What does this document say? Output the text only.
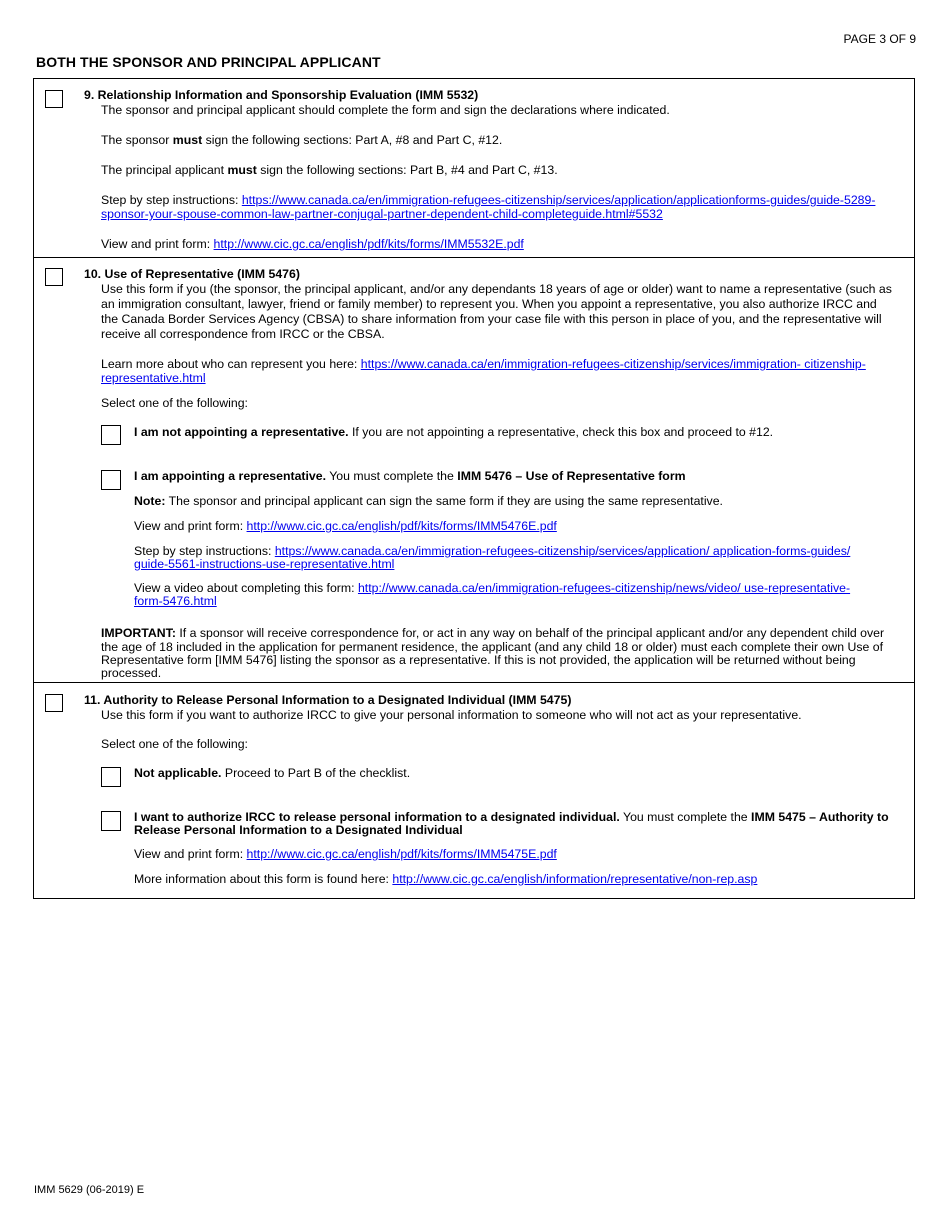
PAGE 3 OF 9
BOTH THE SPONSOR AND PRINCIPAL APPLICANT
9. Relationship Information and Sponsorship Evaluation (IMM 5532)
The sponsor and principal applicant should complete the form and sign the declarations where indicated.
The sponsor must sign the following sections: Part A, #8 and Part C, #12.
The principal applicant must sign the following sections: Part B, #4 and Part C, #13.
Step by step instructions: https://www.canada.ca/en/immigration-refugees-citizenship/services/application/applicationforms-guides/guide-5289-
sponsor-your-spouse-common-law-partner-conjugal-partner-dependent-child-completeguide.html#5532
View and print form: http://www.cic.gc.ca/english/pdf/kits/forms/IMM5532E.pdf
10. Use of Representative (IMM 5476)
Use this form if you (the sponsor, the principal applicant, and/or any dependants 18 years of age or older) want to name a representative (such as
an immigration consultant, lawyer, friend or family member) to represent you. When you appoint a representative, you also authorize IRCC and
the Canada Border Services Agency (CBSA) to share information from your case file with this person in place of you, and the representative will
receive all correspondence from IRCC or the CBSA.
Learn more about who can represent you here: https://www.canada.ca/en/immigration-refugees-citizenship/services/immigration- citizenship-
representative.html
Select one of the following:
I am not appointing a representative. If you are not appointing a representative, check this box and proceed to #12.
I am appointing a representative. You must complete the IMM 5476 – Use of Representative form
Note: The sponsor and principal applicant can sign the same form if they are using the same representative.
View and print form: http://www.cic.gc.ca/english/pdf/kits/forms/IMM5476E.pdf
Step by step instructions: https://www.canada.ca/en/immigration-refugees-citizenship/services/application/ application-forms-guides/
guide-5561-instructions-use-representative.html
View a video about completing this form: http://www.canada.ca/en/immigration-refugees-citizenship/news/video/ use-representative-
form-5476.html
IMPORTANT: If a sponsor will receive correspondence for, or act in any way on behalf of the principal applicant and/or any dependent child over
the age of 18 included in the application for permanent residence, the applicant (and any child 18 or older) must each complete their own Use of
Representative form [IMM 5476] listing the sponsor as a representative. If this is not provided, the application will be returned without being
processed.
11. Authority to Release Personal Information to a Designated Individual (IMM 5475)
Use this form if you want to authorize IRCC to give your personal information to someone who will not act as your representative.
Select one of the following:
Not applicable. Proceed to Part B of the checklist.
I want to authorize IRCC to release personal information to a designated individual. You must complete the IMM 5475 – Authority to
Release Personal Information to a Designated Individual
View and print form: http://www.cic.gc.ca/english/pdf/kits/forms/IMM5475E.pdf
More information about this form is found here: http://www.cic.gc.ca/english/information/representative/non-rep.asp
IMM 5629 (06-2019) E
